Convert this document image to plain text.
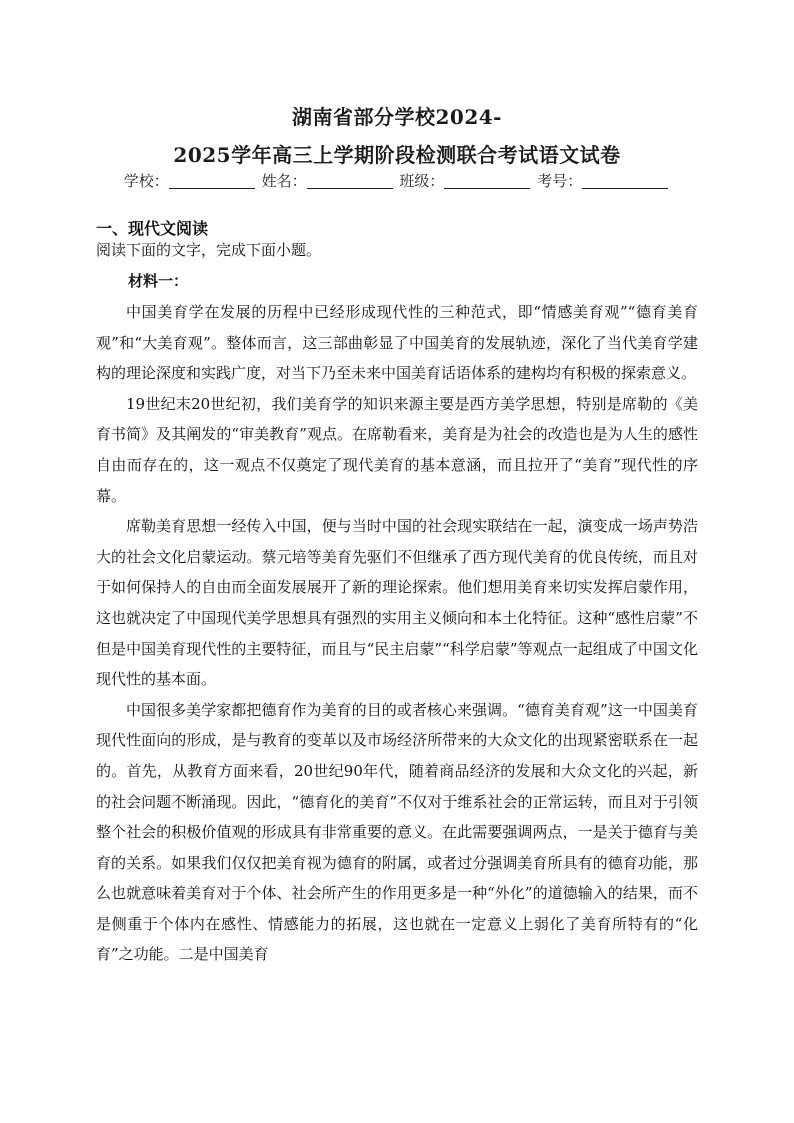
湖南省部分学校2024-
2025学年高三上学期阶段检测联合考试语文试卷
学校：	姓名：	班级：	考号：
一、现代文阅读
阅读下面的文字，完成下面小题。
材料一：

中国美育学在发展的历程中已经形成现代性的三种范式，即“情感美育观”“德育美育观”和“大美育观”。整体而言，这三部曲彰显了中国美育的发展轨迹，深化了当代美育学建构的理论深度和实践广度，对当下乃至未来中国美育话语体系的建构均有积极的探索意义。

19世纪末20世纪初，我们美育学的知识来源主要是西方美学思想，特别是席勒的《美育书简》及其阐发的“审美教育”观点。在席勒看来，美育是为社会的改造也是为人生的感性自由而存在的，这一观点不仅奠定了现代美育的基本意涵，而且拉开了“美育”现代性的序幕。

席勒美育思想一经传入中国，便与当时中国的社会现实联结在一起，演变成一场声势浩大的社会文化启蒙运动。蔡元培等美育先驱们不但继承了西方现代美育的优良传统，而且对于如何保持人的自由而全面发展展开了新的理论探索。他们想用美育来切实发挥启蒙作用，这也就决定了中国现代美学思想具有强烈的实用主义倾向和本土化特征。这种“感性启蒙”不但是中国美育现代性的主要特征，而且与“民主启蒙”“科学启蒙”等观点一起组成了中国文化现代性的基本面。

中国很多美学家都把德育作为美育的目的或者核心来强调。“德育美育观”这一中国美育现代性面向的形成，是与教育的变革以及市场经济所带来的大众文化的出现紧密联系在一起的。首先，从教育方面来看，20世纪90年代，随着商品经济的发展和大众文化的兴起，新的社会问题不断涌现。因此，“德育化的美育”不仅对于维系社会的正常运转，而且对于引领整个社会的积极价值观的形成具有非常重要的意义。在此需要强调两点，一是关于德育与美育的关系。如果我们仅仅把美育视为德育的附属，或者过分强调美育所具有的德育功能，那么也就意味着美育对于个体、社会所产生的作用更多是一种“外化”的道德输入的结果，而不是侧重于个体内在感性、情感能力的拓展，这也就在一定意义上弱化了美育所特有的“化育”之功能。二是中国美育
